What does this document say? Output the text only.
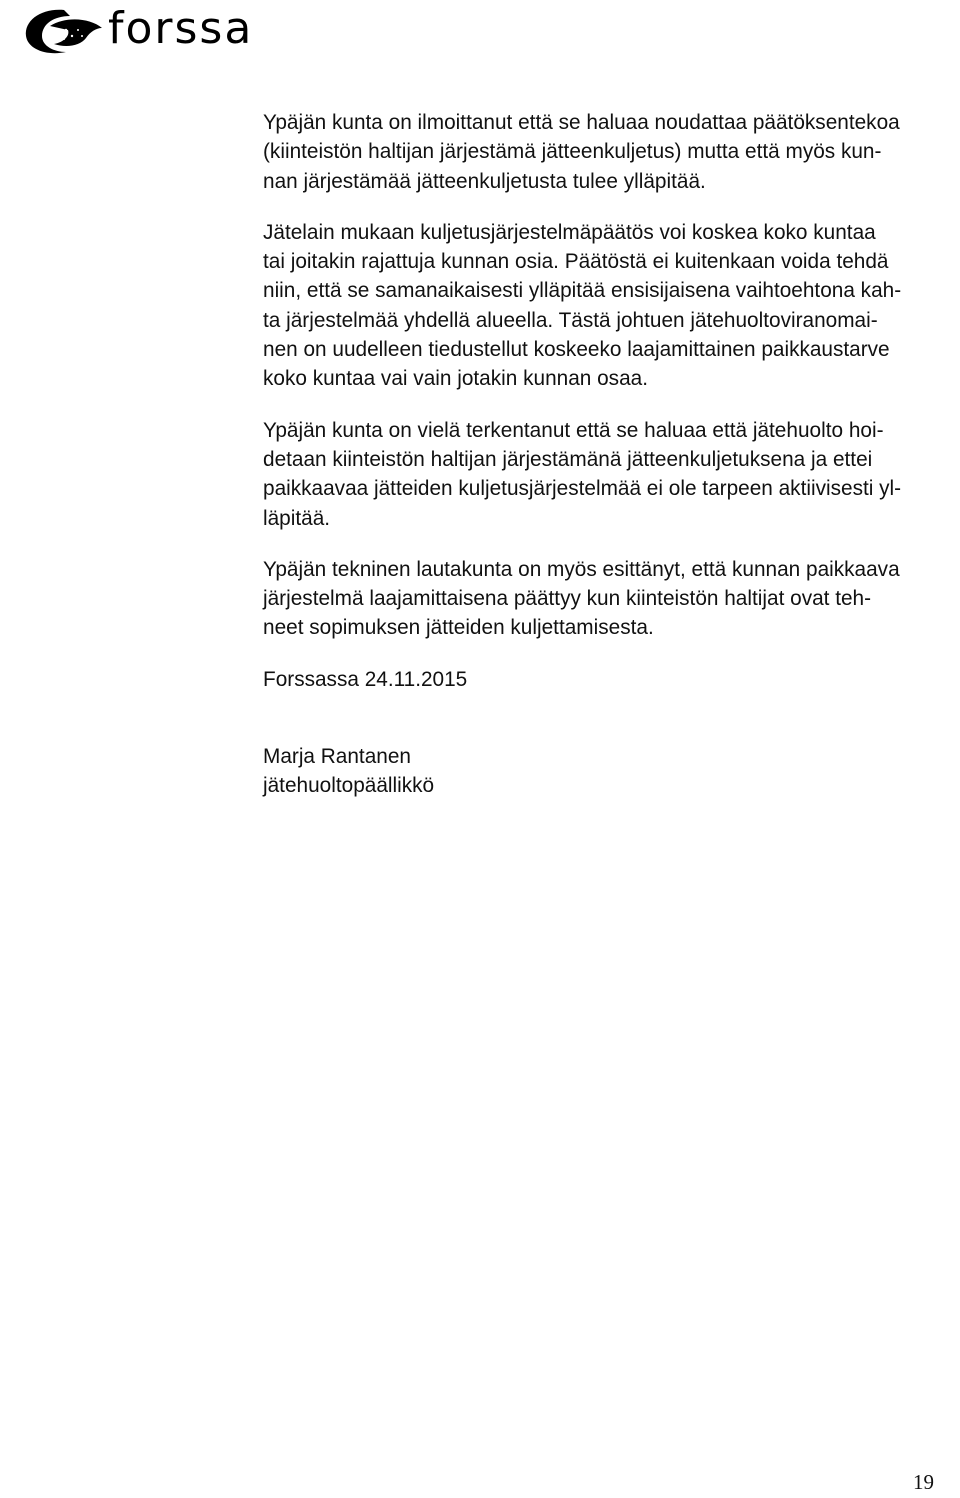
forssa

Ypäjän kunta on ilmoittanut että se haluaa noudattaa päätöksentekoa
(kiinteistön haltijan järjestämä jätteenkuljetus) mutta että myös kun-
nan järjestämää jätteenkuljetusta tulee ylläpitää.

Jätelain mukaan kuljetusjärjestelmäpäätös voi koskea koko kuntaa
tai joitakin rajattuja kunnan osia. Päätöstä ei kuitenkaan voida tehdä
niin, että se samanaikaisesti ylläpitää ensisijaisena vaihtoehtona kah-
ta järjestelmää yhdellä alueella. Tästä johtuen jätehuoltoviranomai-
nen on uudelleen tiedustellut koskeeko laajamittainen paikkaustarve
koko kuntaa vai vain jotakin kunnan osaa.

Ypäjän kunta on vielä terkentanut että se haluaa että jätehuolto hoi-
detaan kiinteistön haltijan järjestämänä jätteenkuljetuksena ja ettei
paikkaavaa jätteiden kuljetusjärjestelmää ei ole tarpeen aktiivisesti yl-
läpitää.

Ypäjän tekninen lautakunta on myös esittänyt, että kunnan paikkaava
järjestelmä laajamittaisena päättyy kun kiinteistön haltijat ovat teh-
neet sopimuksen jätteiden kuljettamisesta.

Forssassa 24.11.2015

Marja Rantanen

jätehuoltopäällikkö

19
